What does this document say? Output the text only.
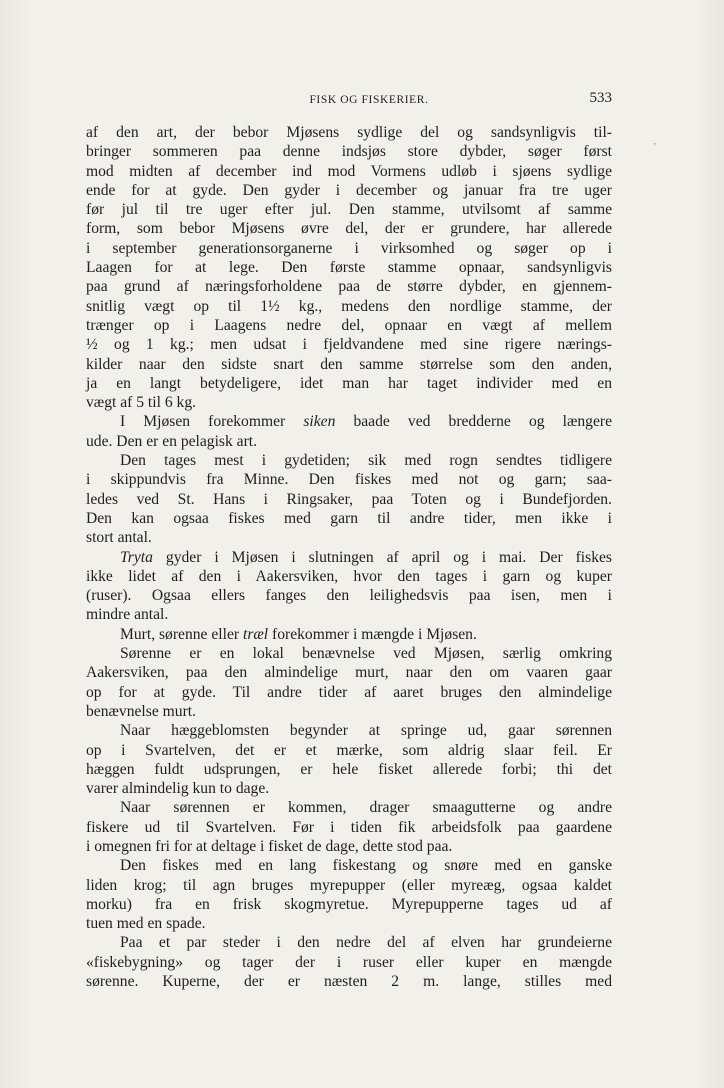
FISK OG FISKERIER.	533
‚
af den art, der bebor Mjøsens sydlige del og sandsynligvis til-
bringer sommeren paa denne indsjøs store dybder, søger først
mod midten af december ind mod Vormens udløb i sjøens sydlige
ende for at gyde. Den gyder i december og januar fra tre uger
før jul til tre uger efter jul. Den stamme, utvilsomt af samme
form, som bebor Mjøsens øvre del, der er grundere, har allerede
i september generationsorganerne i virksomhed og søger op i
Laagen for at lege. Den første stamme opnaar, sandsynligvis
paa grund af næringsforholdene paa de større dybder, en gjennem-
snitlig vægt op til 1½ kg., medens den nordlige stamme, der
trænger op i Laagens nedre del, opnaar en vægt af mellem
½ og 1 kg.; men udsat i fjeldvandene med sine rigere nærings-
kilder naar den sidste snart den samme størrelse som den anden,
ja en langt betydeligere, idet man har taget individer med en
vægt af 5 til 6 kg.
I Mjøsen forekommer siken baade ved bredderne og længere
ude. Den er en pelagisk art.
Den tages mest i gydetiden; sik med rogn sendtes tidligere
i skippundvis fra Minne. Den fiskes med not og garn; saa-
ledes ved St. Hans i Ringsaker, paa Toten og i Bundefjorden.
Den kan ogsaa fiskes med garn til andre tider, men ikke i
stort antal.
Tryta gyder i Mjøsen i slutningen af april og i mai. Der fiskes
ikke lidet af den i Aakersviken, hvor den tages i garn og kuper
(ruser). Ogsaa ellers fanges den leilighedsvis paa isen, men i
mindre antal.
Murt, sørenne eller træl forekommer i mængde i Mjøsen.
Sørenne er en lokal benævnelse ved Mjøsen, særlig omkring
Aakersviken, paa den almindelige murt, naar den om vaaren gaar
op for at gyde. Til andre tider af aaret bruges den almindelige
benævnelse murt.
Naar hæggeblomsten begynder at springe ud, gaar sørennen
op i Svartelven, det er et mærke, som aldrig slaar feil. Er
hæggen fuldt udsprungen, er hele fisket allerede forbi; thi det
varer almindelig kun to dage.
Naar sørennen er kommen, drager smaagutterne og andre
fiskere ud til Svartelven. Før i tiden fik arbeidsfolk paa gaardene
i omegnen fri for at deltage i fisket de dage, dette stod paa.
Den fiskes med en lang fiskestang og snøre med en ganske
liden krog; til agn bruges myrepupper (eller myreæg, ogsaa kaldet
morku) fra en frisk skogmyretue. Myrepupperne tages ud af
tuen med en spade.
Paa et par steder i den nedre del af elven har grundeierne
«fiskebygning» og tager der i ruser eller kuper en mængde
sørenne. Kuperne, der er næsten 2 m. lange, stilles med
